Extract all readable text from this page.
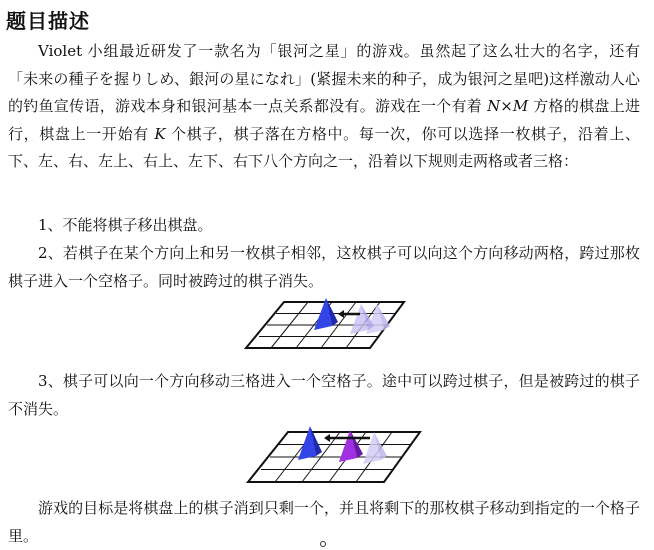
题目描述

Violet 小组最近研发了一款名为「银河之星」的游戏。虽然起了这么壮大的名字，还有「未来の種子を握りしめ、銀河の星になれ」(紧握未来的种子，成为银河之星吧)这样激动人心的钓鱼宣传语，游戏本身和银河基本一点关系都没有。游戏在一个有着 N×M 方格的棋盘上进行，棋盘上一开始有 K 个棋子，棋子落在方格中。每一次，你可以选择一枚棋子，沿着上、下、左、右、左上、右上、左下、右下八个方向之一，沿着以下规则走两格或者三格：

1、不能将棋子移出棋盘。

2、若棋子在某个方向上和另一枚棋子相邻，这枚棋子可以向这个方向移动两格，跨过那枚棋子进入一个空格子。同时被跨过的棋子消失。

3、棋子可以向一个方向移动三格进入一个空格子。途中可以跨过棋子，但是被跨过的棋子不消失。

游戏的目标是将棋盘上的棋子消到只剩一个，并且将剩下的那枚棋子移动到指定的一个格子里。
